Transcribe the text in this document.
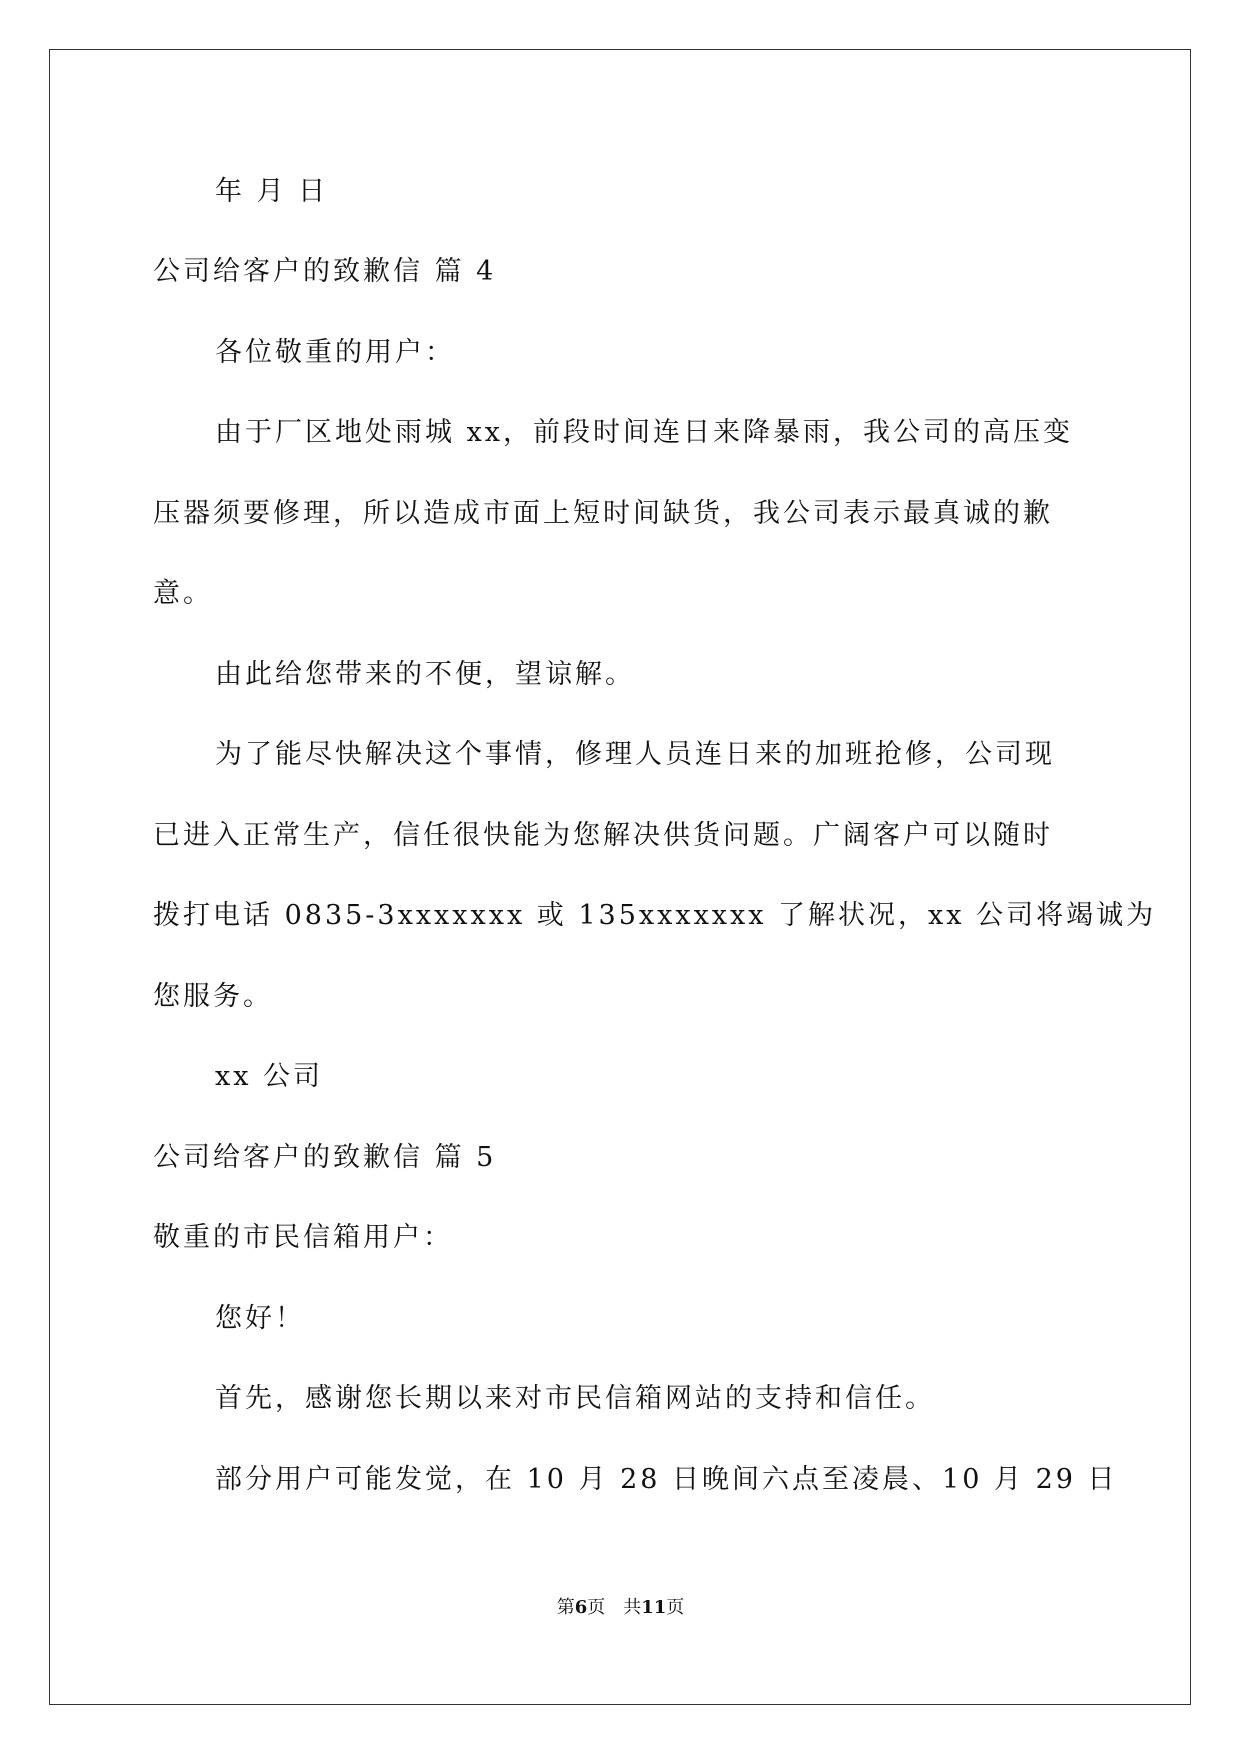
年 月 日
公司给客户的致歉信 篇 4
各位敬重的用户：
由于厂区地处雨城 xx，前段时间连日来降暴雨，我公司的高压变
压器须要修理，所以造成市面上短时间缺货，我公司表示最真诚的歉
意。
由此给您带来的不便，望谅解。
为了能尽快解决这个事情，修理人员连日来的加班抢修，公司现
已进入正常生产，信任很快能为您解决供货问题。广阔客户可以随时
拨打电话 0835-3xxxxxxx 或 135xxxxxxx 了解状况，xx 公司将竭诚为
您服务。
xx 公司
公司给客户的致歉信 篇 5
敬重的市民信箱用户：
您好！
首先，感谢您长期以来对市民信箱网站的支持和信任。
部分用户可能发觉，在 10 月 28 日晚间六点至凌晨、10 月 29 日
第6页 共11页
